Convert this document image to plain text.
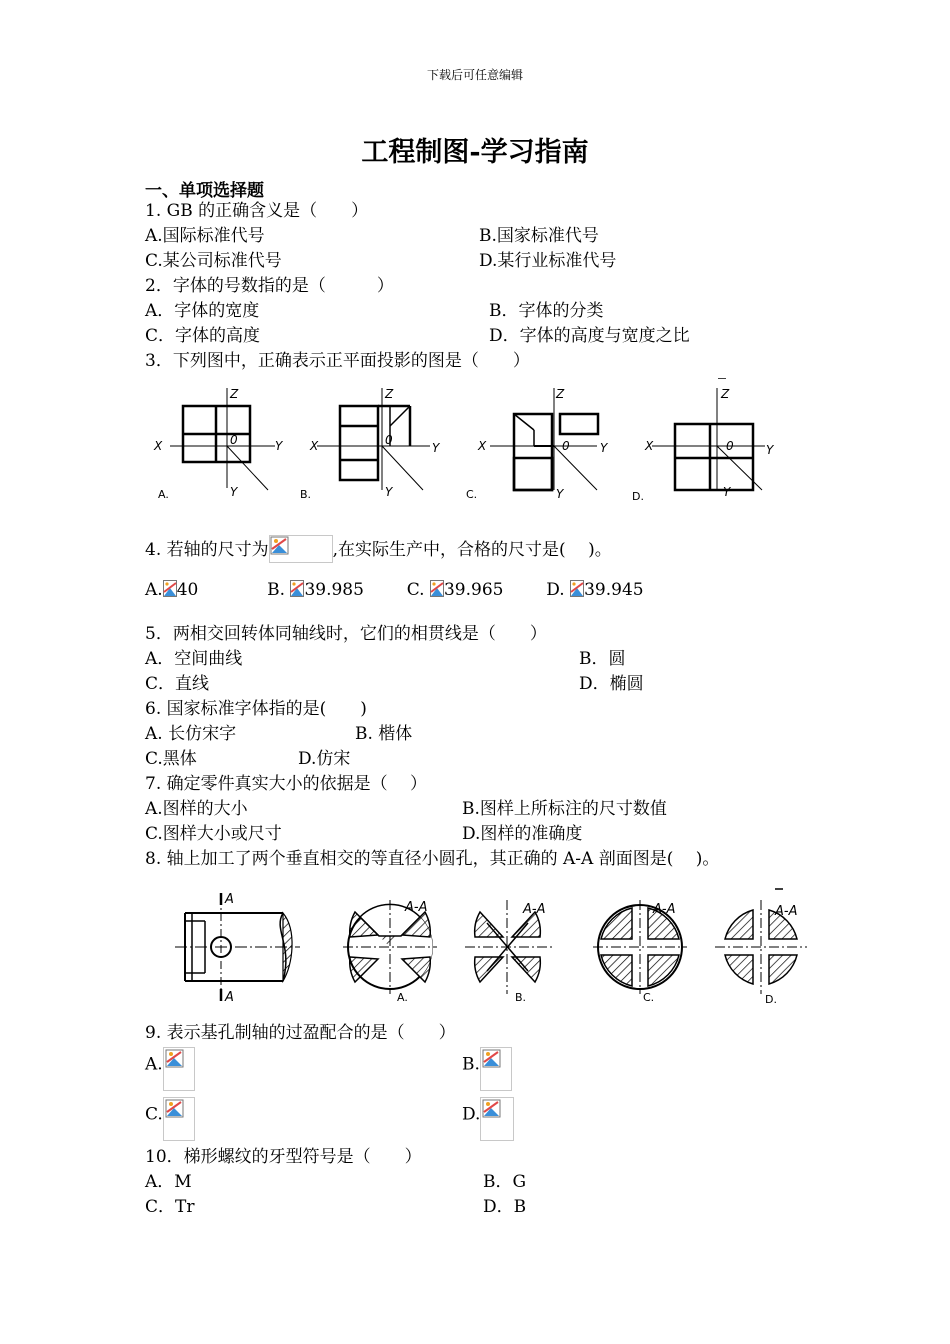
下载后可任意编辑
工程制图-学习指南
一、单项选择题
1. GB 的正确含义是（　　）
A.国际标准代号	B.国家标准代号
C.某公司标准代号	D.某行业标准代号
2．字体的号数指的是（　　　）
A．字体的宽度	B．字体的分类
C．字体的高度	D．字体的高度与宽度之比
3．下列图中，正确表示正平面投影的图是（　　）
X
Z
Y
Y
0
A.
X
Z
Y
Y
0
B.
X
Z
Y
Y
0
C.
X
Z
Y
Y
0
D.
4. 若轴的尺寸为	,在实际生产中，合格的尺寸是(　 )。
A. 40	B. 39.985	C. 39.965	D. 39.945
5．两相交回转体同轴线时，它们的相贯线是（　　）
A．空间曲线	B．圆
C．直线	D．椭圆
6. 国家标准字体指的是(　　)
A. 长仿宋字	B. 楷体
C.黑体	D.仿宋
7. 确定零件真实大小的依据是（　 ）
A.图样的大小	B.图样上所标注的尺寸数值
C.图样大小或尺寸	D.图样的准确度
8. 轴上加工了两个垂直相交的等直径小圆孔，其正确的 A-A 剖面图是(　 )。
A
A
A-A	A-A	A-A	A-A
A.	B.	C.	D.
9. 表示基孔制轴的过盈配合的是（　　）
A.	B.
C.	D.
10．梯形螺纹的牙型符号是（　　）
A．M	B．G
C．Tr	D．B
